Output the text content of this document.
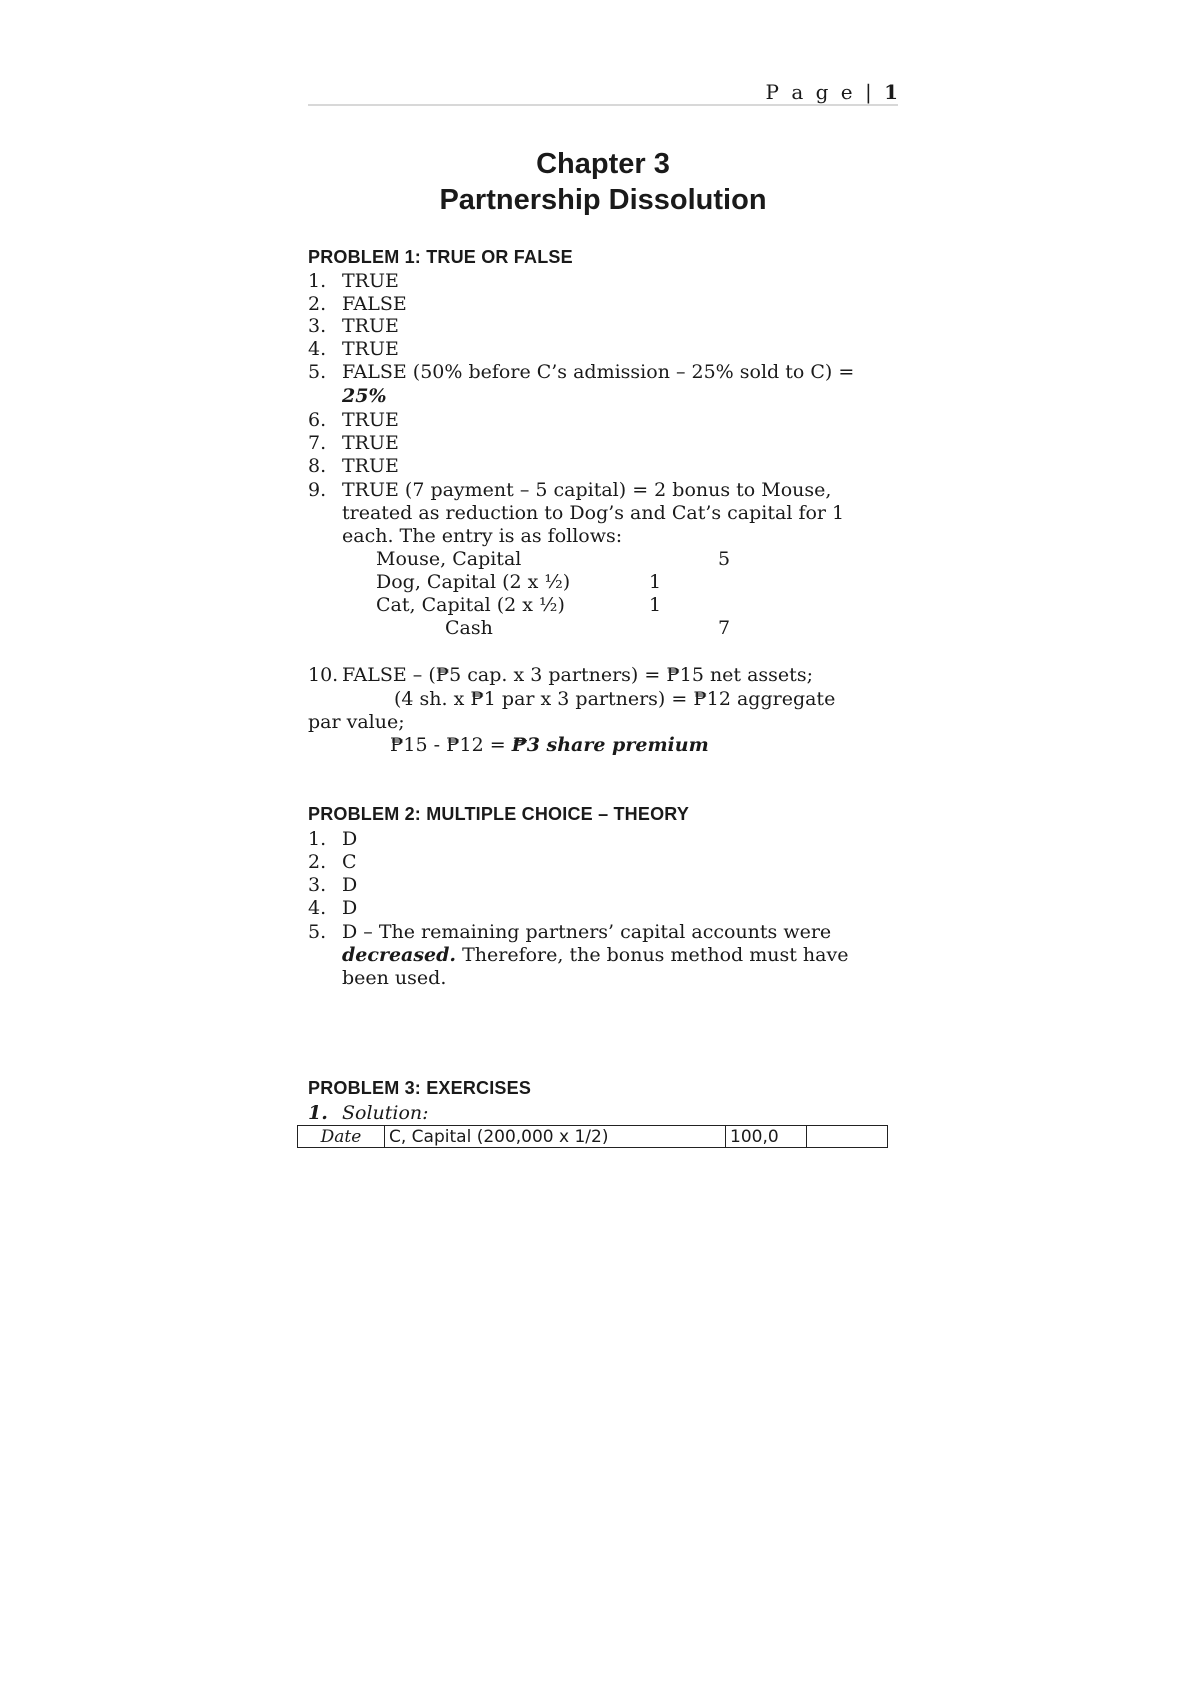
P a g e | 1
Chapter 3
Partnership Dissolution
PROBLEM 1: TRUE OR FALSE
1. TRUE
2. FALSE
3. TRUE
4. TRUE
5. FALSE (50% before C’s admission – 25% sold to C) =
25%
6. TRUE
7. TRUE
8. TRUE
9. TRUE (7 payment – 5 capital) = 2 bonus to Mouse,
treated as reduction to Dog’s and Cat’s capital for 1
each. The entry is as follows:
Mouse, Capital	5
Dog, Capital (2 x ½)	1
Cat, Capital (2 x ½)	1
Cash	7
10. FALSE – (₱5 cap. x 3 partners) = ₱15 net assets;
(4 sh. x ₱1 par x 3 partners) = ₱12 aggregate
par value;
₱15 - ₱12 = ₱3 share premium
PROBLEM 2: MULTIPLE CHOICE – THEORY
1. D
2. C
3. D
4. D
5. D – The remaining partners’ capital accounts were
decreased. Therefore, the bonus method must have
been used.
PROBLEM 3: EXERCISES
1. Solution:
Date	C, Capital (200,000 x 1/2)	100,0	
